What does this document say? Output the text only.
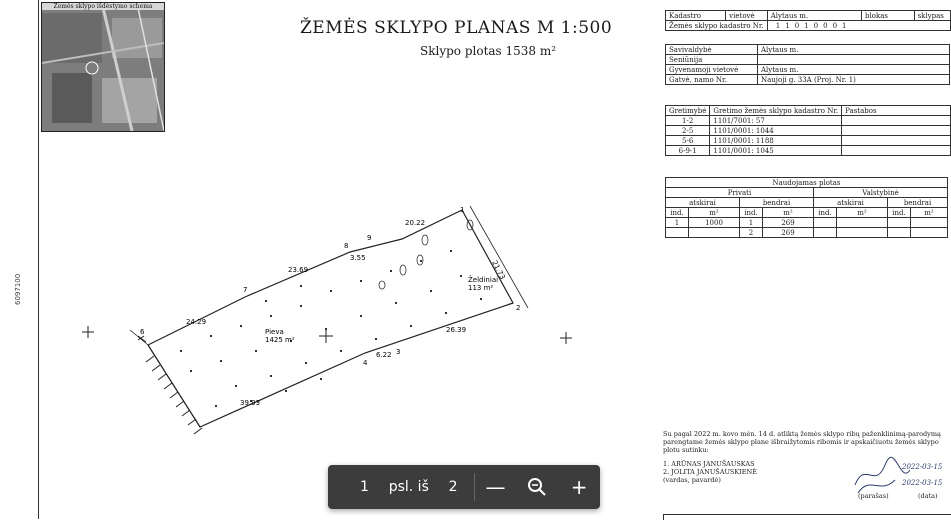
6097100
Žemės sklypo išdėstymo schema
ŽEMĖS SKLYPO PLANAS M 1:500
Sklypo plotas 1538 m²
Kadastro	vietovė	Alytaus m.	blokas	sklypas
Žemės sklypo kadastro Nr.		11010001		
Savivaldybė	Alytaus m.
Seniūnija	
Gyvenamoji vietovė	Alytaus m.
Gatvė, namo Nr.	Naujoji g. 33A (Proj. Nr. 1)
Gretimybė	Gretimo žemės sklypo kadastro Nr.	Pastabos
1-2	1101/7001: 57	
2-5	1101/0001: 1044	
5-6	1101/0001: 1188	
6-9-1	1101/0001: 1045	
Naudojamas plotas							
Privati				Valstybinė			
atskirai		bendrai		atskirai		bendrai	
ind.	m²	ind.	m²	ind.	m²	ind.	m²
1	1000	1	269				
		2	269				
Pieva
1425 m²
Želdiniai
113 m²
1
2
3
4
6
7
8
9
20.22
21.73
26.39
6.22
39.93
24.29
23.69
3.55
Su pagal 2022 m. kovo mėn. 14 d. atliktą žemės sklypo ribų paženklinimą-parodymą parengtame žemės sklypo plane išbraižytomis ribomis ir apskaičiuotu žemės sklypo plotu sutinku:
1. ARŪNAS JANUŠAUSKAS
2. JOLITA JANUŠAUSKIENĖ
(vardas, pavardė)
2022-03-15
2022-03-15
(parašas)	(data)
1 psl. iš 2 —	+
